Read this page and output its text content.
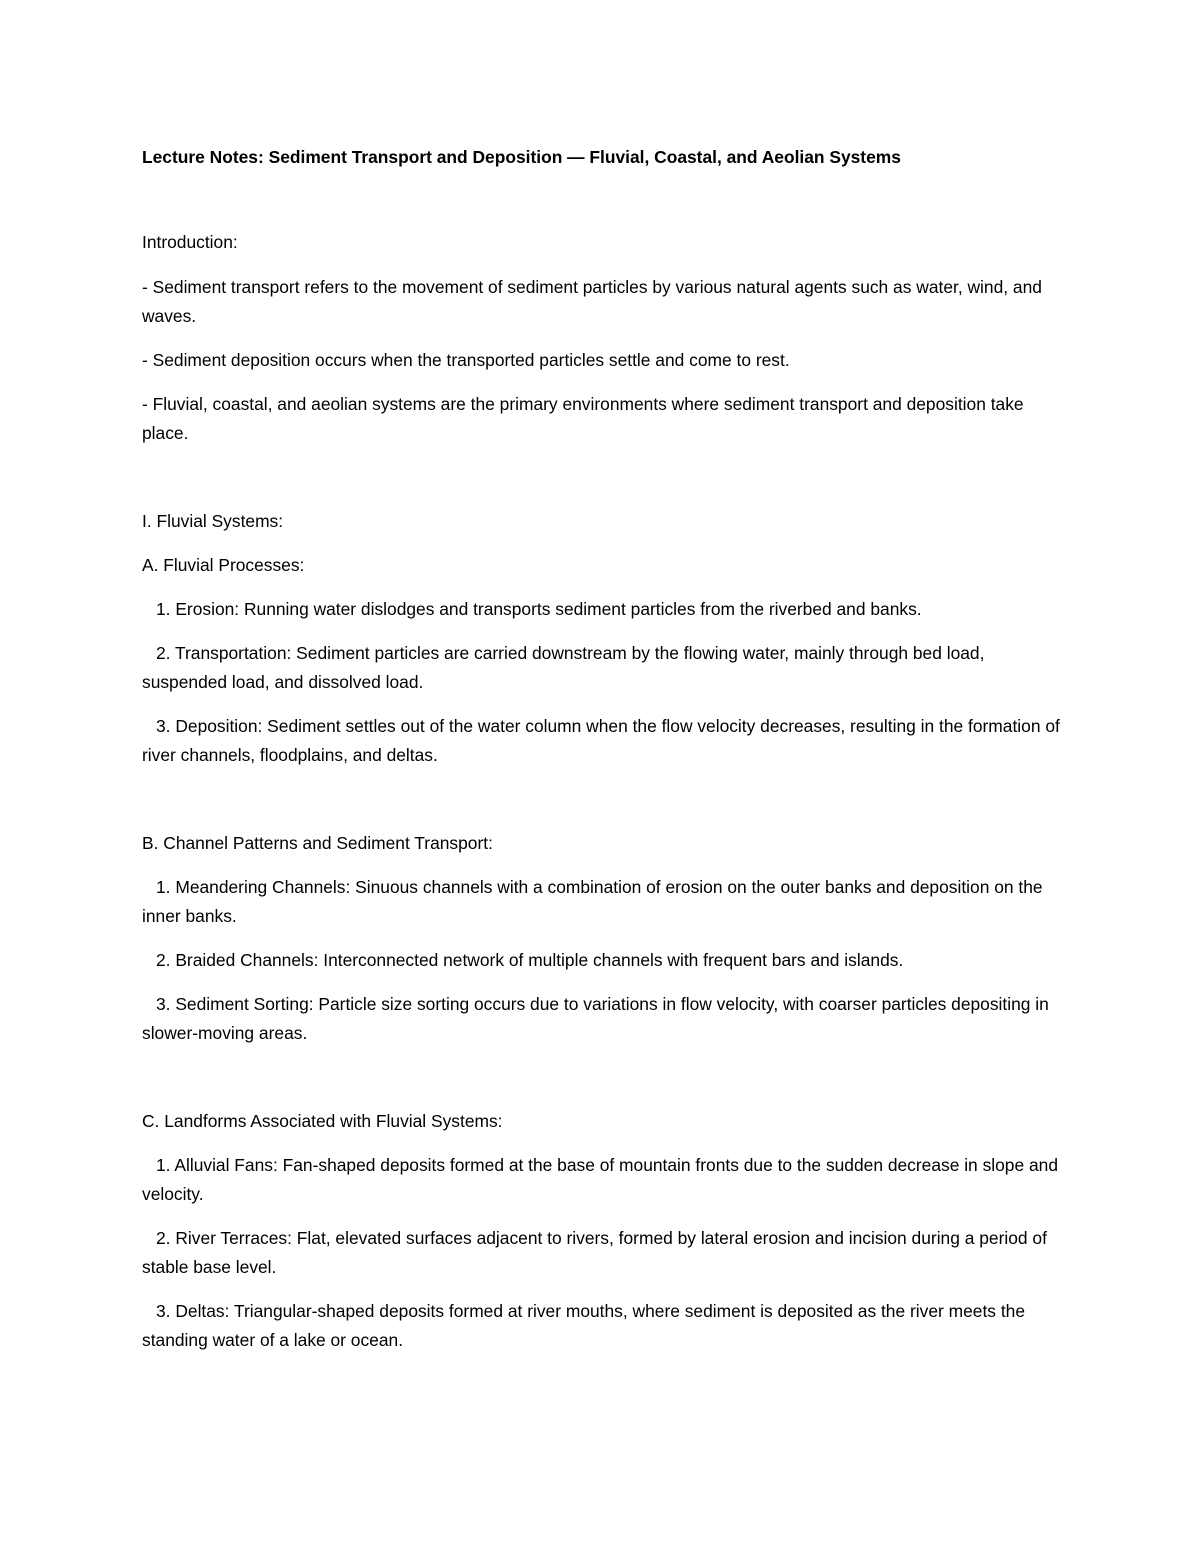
Lecture Notes: Sediment Transport and Deposition — Fluvial, Coastal, and Aeolian Systems

Introduction:

- Sediment transport refers to the movement of sediment particles by various natural agents such as water, wind, and waves.

- Sediment deposition occurs when the transported particles settle and come to rest.

- Fluvial, coastal, and aeolian systems are the primary environments where sediment transport and deposition take place.

I. Fluvial Systems:

A. Fluvial Processes:

1. Erosion: Running water dislodges and transports sediment particles from the riverbed and banks.

2. Transportation: Sediment particles are carried downstream by the flowing water, mainly through bed load, suspended load, and dissolved load.

3. Deposition: Sediment settles out of the water column when the flow velocity decreases, resulting in the formation of river channels, floodplains, and deltas.

B. Channel Patterns and Sediment Transport:

1. Meandering Channels: Sinuous channels with a combination of erosion on the outer banks and deposition on the inner banks.

2. Braided Channels: Interconnected network of multiple channels with frequent bars and islands.

3. Sediment Sorting: Particle size sorting occurs due to variations in flow velocity, with coarser particles depositing in slower-moving areas.

C. Landforms Associated with Fluvial Systems:

1. Alluvial Fans: Fan-shaped deposits formed at the base of mountain fronts due to the sudden decrease in slope and velocity.

2. River Terraces: Flat, elevated surfaces adjacent to rivers, formed by lateral erosion and incision during a period of stable base level.

3. Deltas: Triangular-shaped deposits formed at river mouths, where sediment is deposited as the river meets the standing water of a lake or ocean.
